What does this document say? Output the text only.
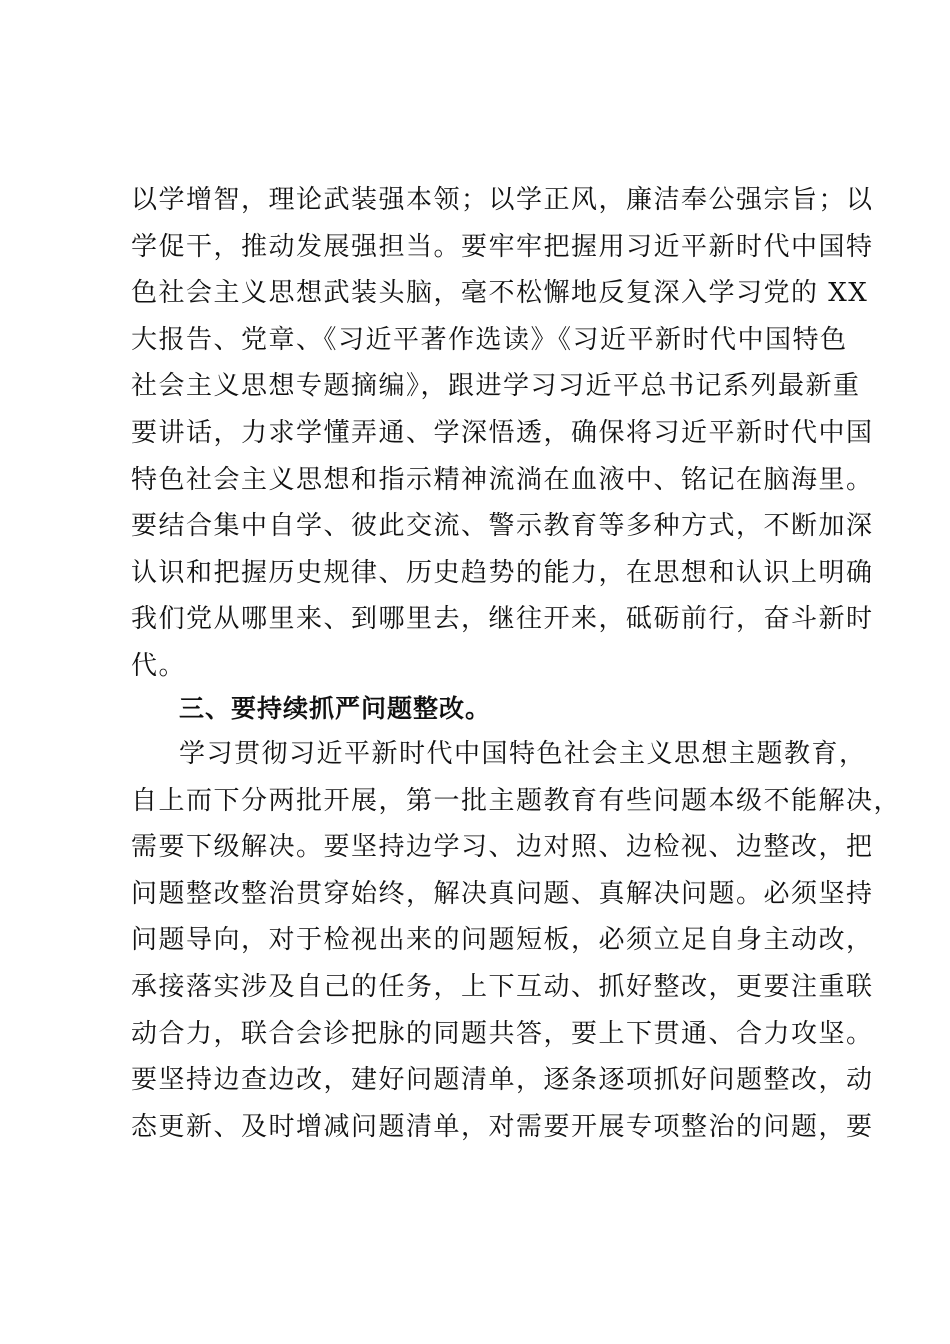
以学增智，理论武装强本领；以学正风，廉洁奉公强宗旨；以
学促干，推动发展强担当。要牢牢把握用习近平新时代中国特
色社会主义思想武装头脑，毫不松懈地反复深入学习党的 XX
大报告、党章、《习近平著作选读》《习近平新时代中国特色
社会主义思想专题摘编》，跟进学习习近平总书记系列最新重
要讲话，力求学懂弄通、学深悟透，确保将习近平新时代中国
特色社会主义思想和指示精神流淌在血液中、铭记在脑海里。
要结合集中自学、彼此交流、警示教育等多种方式，不断加深
认识和把握历史规律、历史趋势的能力，在思想和认识上明确
我们党从哪里来、到哪里去，继往开来，砥砺前行，奋斗新时
代。
三、要持续抓严问题整改。
学习贯彻习近平新时代中国特色社会主义思想主题教育，
自上而下分两批开展，第一批主题教育有些问题本级不能解决，
需要下级解决。要坚持边学习、边对照、边检视、边整改，把
问题整改整治贯穿始终，解决真问题、真解决问题。必须坚持
问题导向，对于检视出来的问题短板，必须立足自身主动改，
承接落实涉及自己的任务，上下互动、抓好整改，更要注重联
动合力，联合会诊把脉的同题共答，要上下贯通、合力攻坚。
要坚持边查边改，建好问题清单，逐条逐项抓好问题整改，动
态更新、及时增减问题清单，对需要开展专项整治的问题，要
